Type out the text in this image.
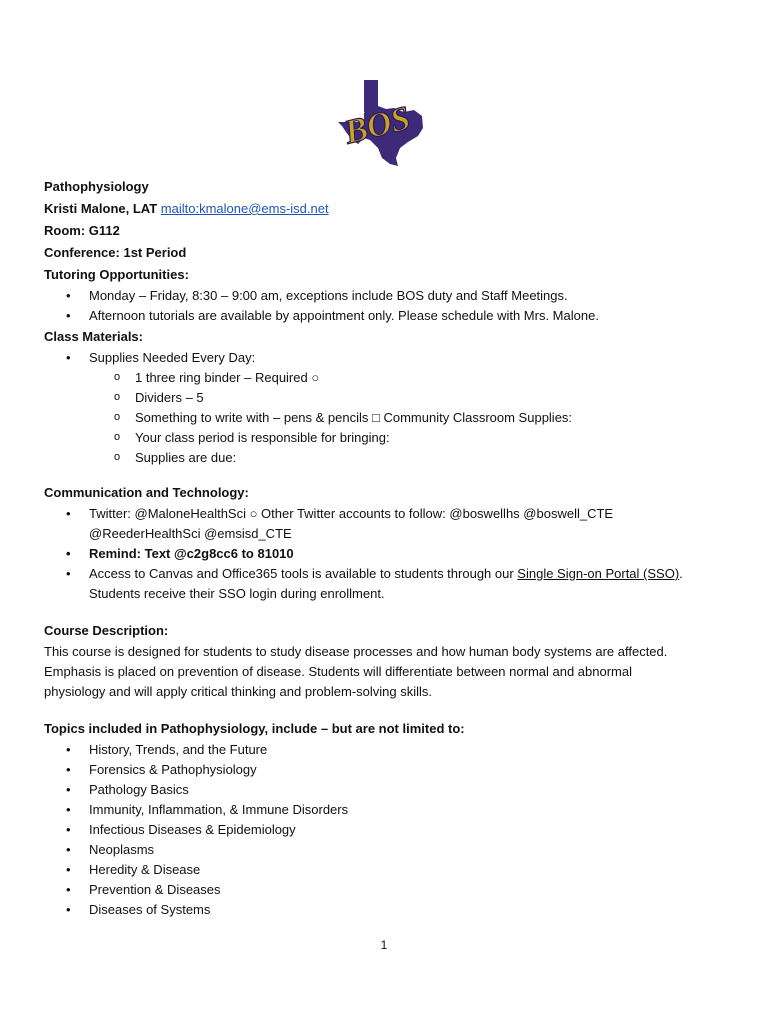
BOS
Pathophysiology
Kristi Malone, LAT mailto:kmalone@ems-isd.net
Room: G112
Conference: 1st Period
Tutoring Opportunities:
• Monday – Friday, 8:30 – 9:00 am, exceptions include BOS duty and Staff Meetings.
• Afternoon tutorials are available by appointment only. Please schedule with Mrs. Malone.
Class Materials:
• Supplies Needed Every Day:
o 1 three ring binder – Required ○
o Dividers – 5
o Something to write with – pens & pencils □ Community Classroom Supplies:
o Your class period is responsible for bringing:
o Supplies are due:
Communication and Technology:
• Twitter: @MaloneHealthSci ○ Other Twitter accounts to follow: @boswellhs @boswell_CTE
@ReederHealthSci @emsisd_CTE
• Remind: Text @c2g8cc6 to 81010
• Access to Canvas and Office365 tools is available to students through our Single Sign-on Portal (SSO).
Students receive their SSO login during enrollment.
Course Description:
This course is designed for students to study disease processes and how human body systems are affected.
Emphasis is placed on prevention of disease. Students will differentiate between normal and abnormal
physiology and will apply critical thinking and problem-solving skills.
Topics included in Pathophysiology, include – but are not limited to:
• History, Trends, and the Future
• Forensics & Pathophysiology
• Pathology Basics
• Immunity, Inflammation, & Immune Disorders
• Infectious Diseases & Epidemiology
• Neoplasms
• Heredity & Disease
• Prevention & Diseases
• Diseases of Systems
1
